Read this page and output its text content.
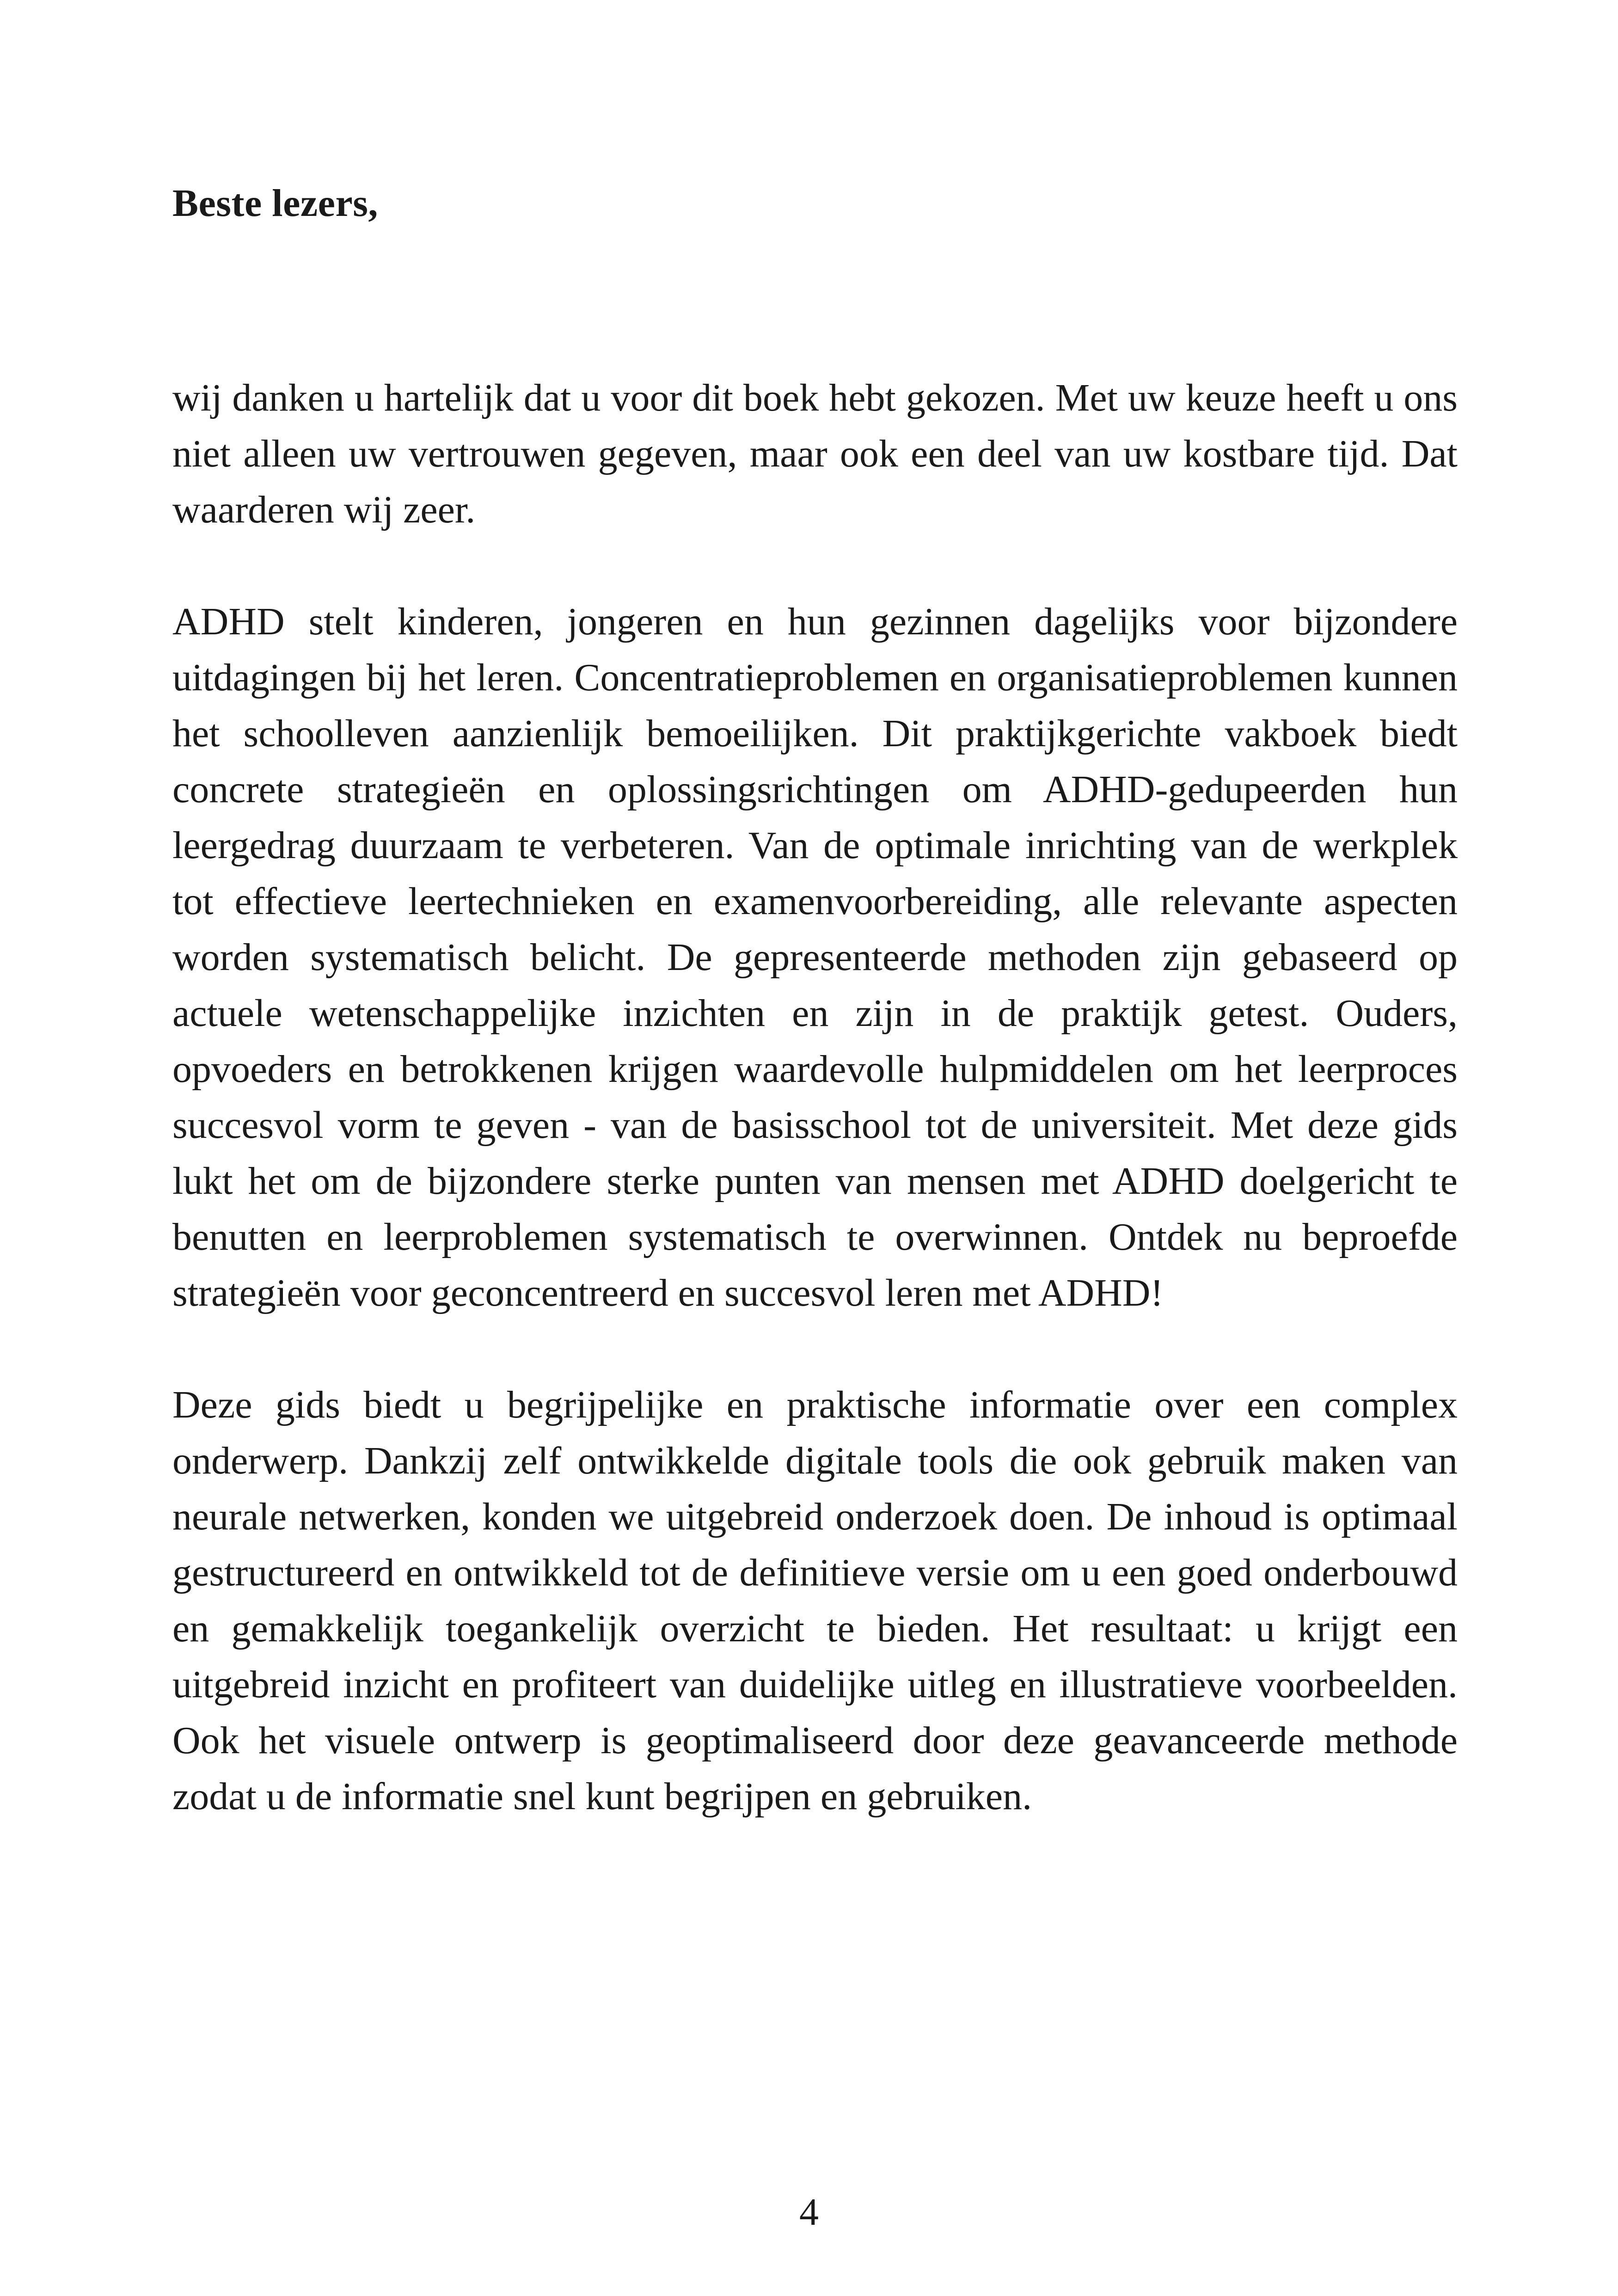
Beste lezers,

wij danken u hartelijk dat u voor dit boek hebt gekozen. Met uw keuze heeft u ons niet alleen uw vertrouwen gegeven, maar ook een deel van uw kostbare tijd. Dat waarderen wij zeer.

ADHD stelt kinderen, jongeren en hun gezinnen dagelijks voor bijzondere uitdagingen bij het leren. Concentratieproblemen en organisatieproblemen kunnen het schoolleven aanzienlijk bemoeilijken. Dit praktijkgerichte vakboek biedt concrete strategieën en oplossingsrichtingen om ADHD-gedupeerden hun leergedrag duurzaam te verbeteren. Van de optimale inrichting van de werkplek tot effectieve leertechnieken en examenvoorbereiding, alle relevante aspecten worden systematisch belicht. De gepresenteerde methoden zijn gebaseerd op actuele wetenschappelijke inzichten en zijn in de praktijk getest. Ouders, opvoeders en betrokkenen krijgen waardevolle hulpmiddelen om het leerproces succesvol vorm te geven - van de basisschool tot de universiteit. Met deze gids lukt het om de bijzondere sterke punten van mensen met ADHD doelgericht te benutten en leerproblemen systematisch te overwinnen. Ontdek nu beproefde strategieën voor geconcentreerd en succesvol leren met ADHD!

Deze gids biedt u begrijpelijke en praktische informatie over een complex onderwerp. Dankzij zelf ontwikkelde digitale tools die ook gebruik maken van neurale netwerken, konden we uitgebreid onderzoek doen. De inhoud is optimaal gestructureerd en ontwikkeld tot de definitieve versie om u een goed onderbouwd en gemakkelijk toegankelijk overzicht te bieden. Het resultaat: u krijgt een uitgebreid inzicht en profiteert van duidelijke uitleg en illustratieve voorbeelden. Ook het visuele ontwerp is geoptimaliseerd door deze geavanceerde methode zodat u de informatie snel kunt begrijpen en gebruiken.

4
